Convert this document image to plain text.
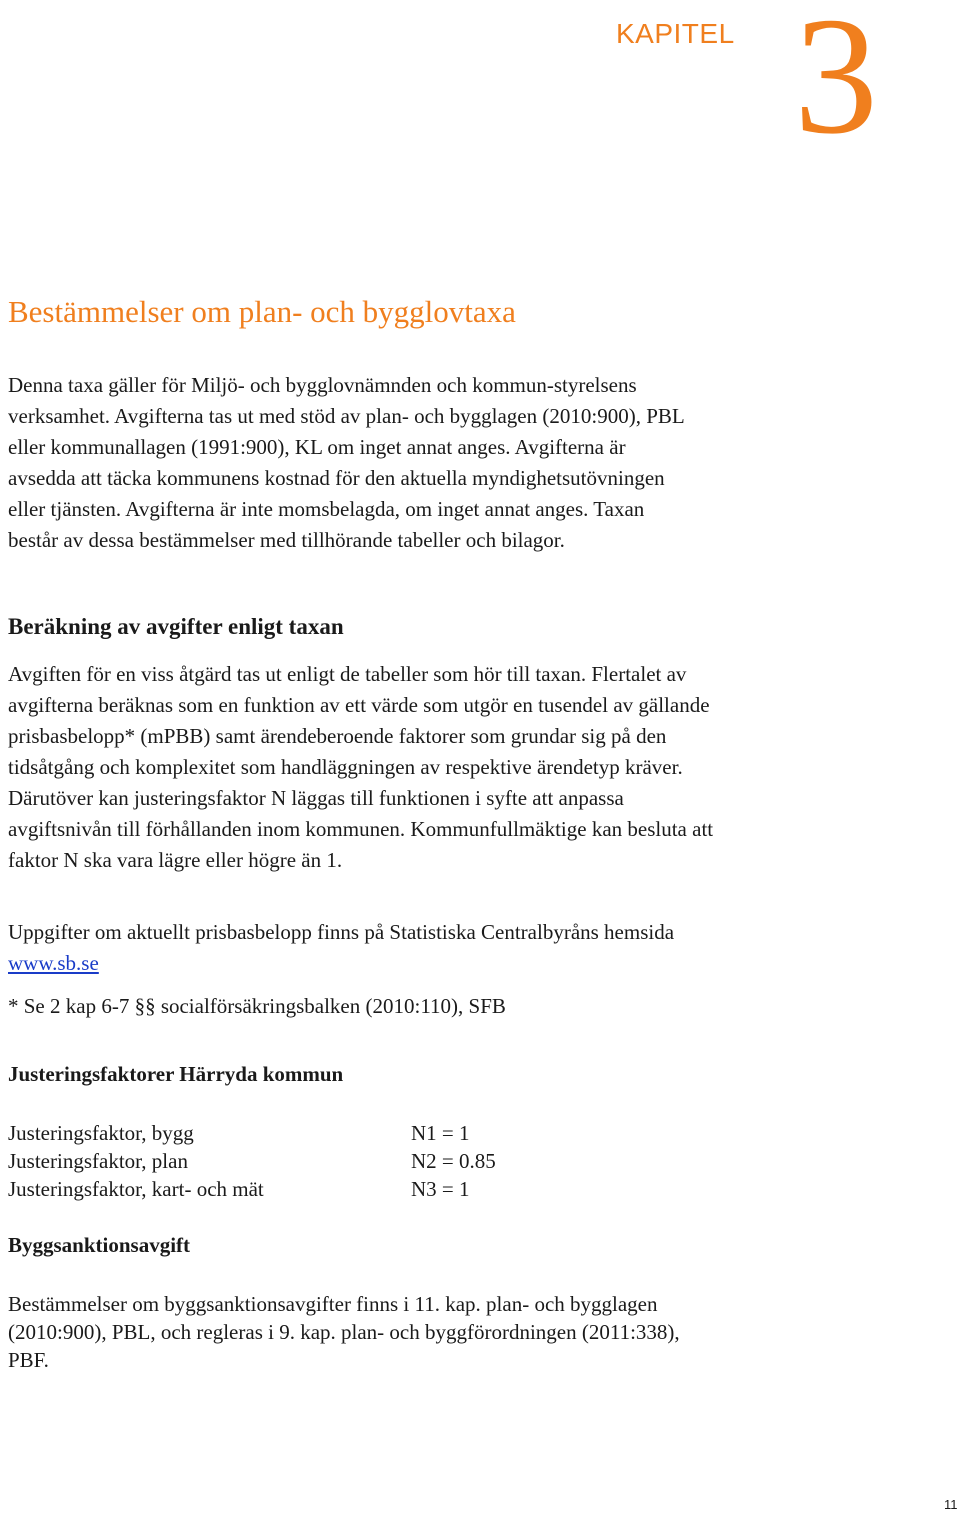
KAPITEL 3
Bestämmelser om plan- och bygglovtaxa

Denna taxa gäller för Miljö- och bygglovnämnden och kommun-styrelsens verksamhet. Avgifterna tas ut med stöd av plan- och bygglagen (2010:900), PBL eller kommunallagen (1991:900), KL om inget annat anges. Avgifterna är avsedda att täcka kommunens kostnad för den aktuella myndighetsutövningen eller tjänsten. Avgifterna är inte momsbelagda, om inget annat anges. Taxan består av dessa bestämmelser med tillhörande tabeller och bilagor.

Beräkning av avgifter enligt taxan

Avgiften för en viss åtgärd tas ut enligt de tabeller som hör till taxan. Flertalet av avgifterna beräknas som en funktion av ett värde som utgör en tusendel av gällande prisbasbelopp* (mPBB) samt ärendeberoende faktorer som grundar sig på den tidsåtgång och komplexitet som handläggningen av respektive ärendetyp kräver. Därutöver kan justeringsfaktor N läggas till funktionen i syfte att anpassa avgiftsnivån till förhållanden inom kommunen. Kommunfullmäktige kan besluta att faktor N ska vara lägre eller högre än 1.

Uppgifter om aktuellt prisbasbelopp finns på Statistiska Centralbyråns hemsida www.sb.se

* Se 2 kap 6-7 §§ socialförsäkringsbalken (2010:110), SFB

Justeringsfaktorer Härryda kommun
Justeringsfaktor, bygg	N1 = 1
Justeringsfaktor, plan	N2 = 0.85
Justeringsfaktor, kart- och mät	N3 = 1
Byggsanktionsavgift

Bestämmelser om byggsanktionsavgifter finns i 11. kap. plan- och bygglagen (2010:900), PBL, och regleras i 9. kap. plan- och byggförordningen (2011:338), PBF.

11
